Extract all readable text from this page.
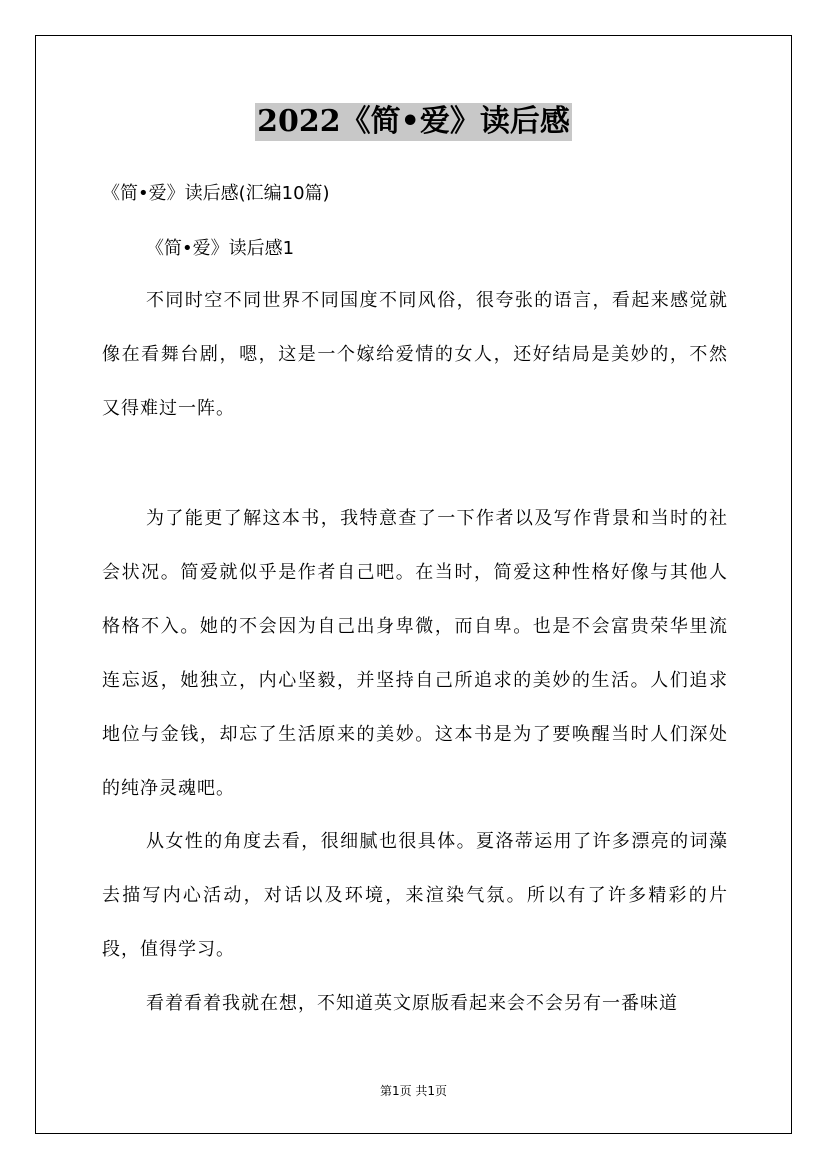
2022《简•爱》读后感

《简•爱》读后感(汇编10篇)

《简•爱》读后感1

不同时空不同世界不同国度不同风俗，很夸张的语言，看起来感觉就像在看舞台剧，嗯，这是一个嫁给爱情的女人，还好结局是美妙的，不然又得难过一阵。

为了能更了解这本书，我特意查了一下作者以及写作背景和当时的社会状况。简爱就似乎是作者自己吧。在当时，简爱这种性格好像与其他人格格不入。她的不会因为自己出身卑微，而自卑。也是不会富贵荣华里流连忘返，她独立，内心坚毅，并坚持自己所追求的美妙的生活。人们追求地位与金钱，却忘了生活原来的美妙。这本书是为了要唤醒当时人们深处的纯净灵魂吧。

从女性的角度去看，很细腻也很具体。夏洛蒂运用了许多漂亮的词藻去描写内心活动，对话以及环境，来渲染气氛。所以有了许多精彩的片段，值得学习。

看着看着我就在想，不知道英文原版看起来会不会另有一番味道

第1页 共1页
